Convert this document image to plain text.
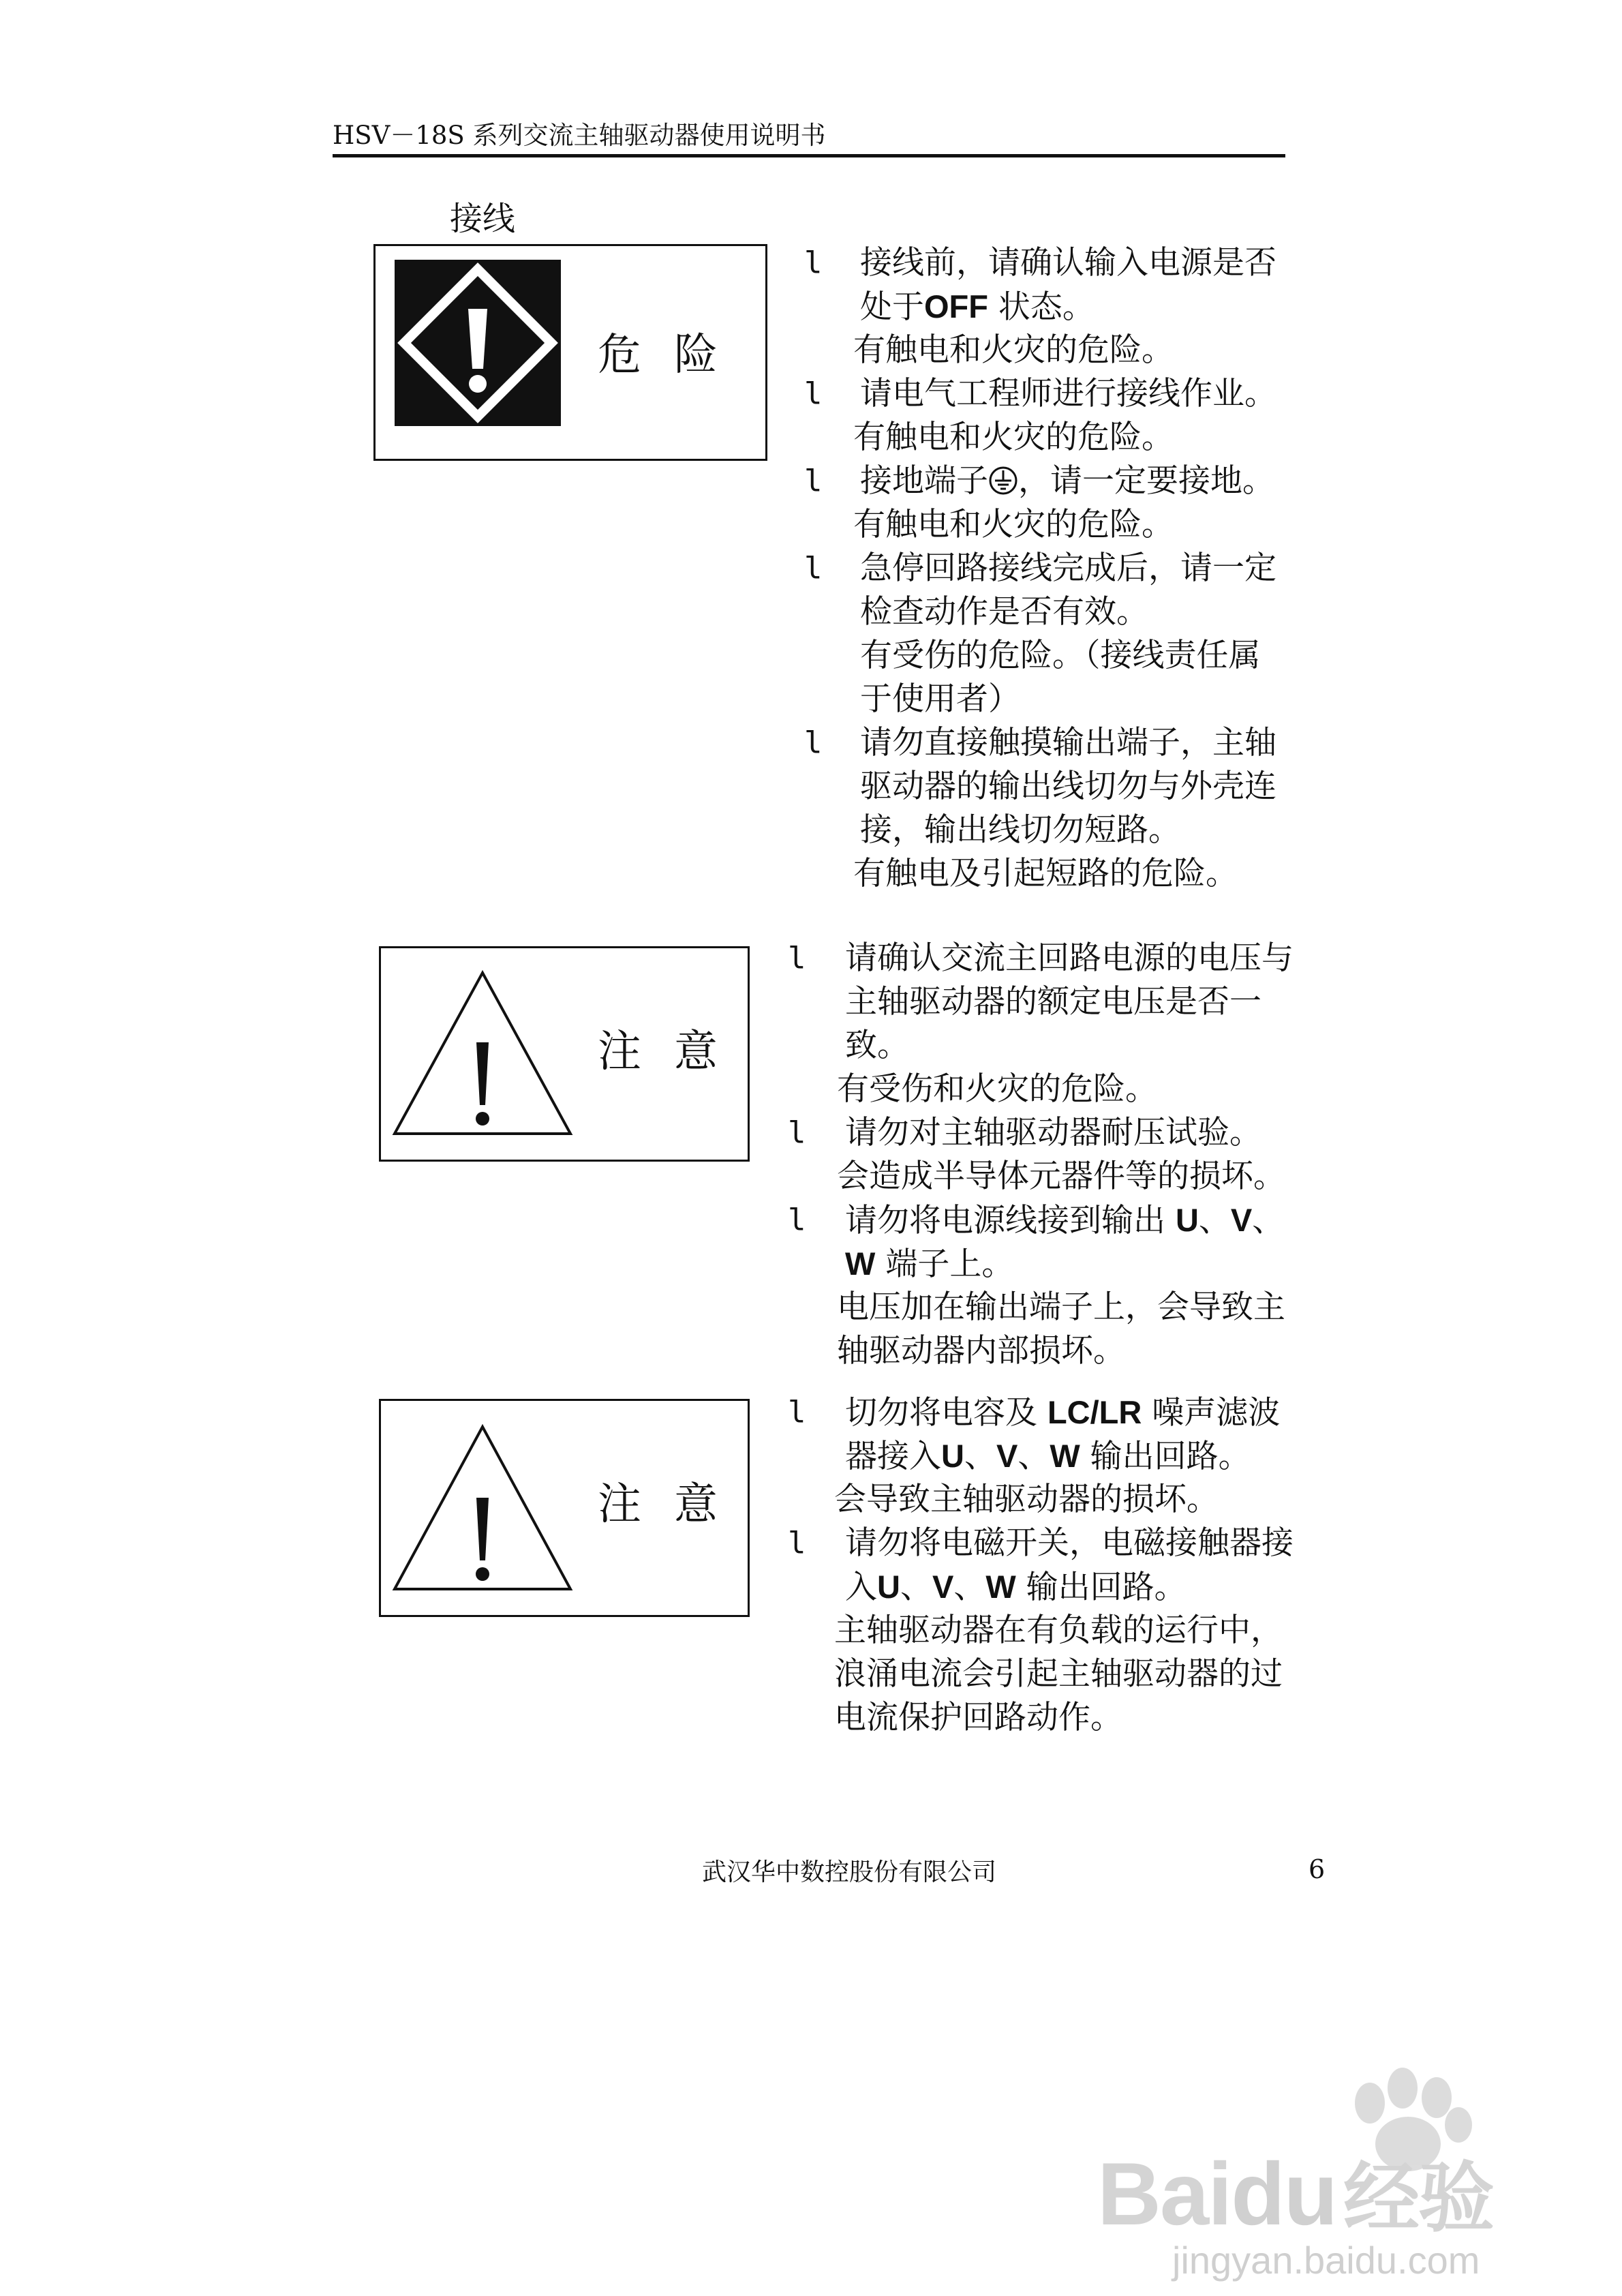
HSV－18S 系列交流主轴驱动器使用说明书
接线
危险
l 接线前，请确认输入电源是否
处于OFF 状态。
有触电和火灾的危险。
l 请电气工程师进行接线作业。
有触电和火灾的危险。
l 接地端子 ，请一定要接地。
有触电和火灾的危险。
l 急停回路接线完成后，请一定
检查动作是否有效。
有受伤的危险。（接线责任属
于使用者）
l 请勿直接触摸输出端子，主轴
驱动器的输出线切勿与外壳连
接，输出线切勿短路。
有触电及引起短路的危险。
注意
l 请确认交流主回路电源的电压与
主轴驱动器的额定电压是否一
致。
有受伤和火灾的危险。
l 请勿对主轴驱动器耐压试验。
会造成半导体元器件等的损坏。
l 请勿将电源线接到输出 U、V、
W 端子上。
电压加在输出端子上，会导致主
轴驱动器内部损坏。
注意
l 切勿将电容及 LC/LR 噪声滤波
器接入U、V、W 输出回路。
会导致主轴驱动器的损坏。
l 请勿将电磁开关，电磁接触器接
入U、V、W 输出回路。
主轴驱动器在有负载的运行中，
浪涌电流会引起主轴驱动器的过
电流保护回路动作。
武汉华中数控股份有限公司	6
Baidu经验
jingyan.baidu.com
